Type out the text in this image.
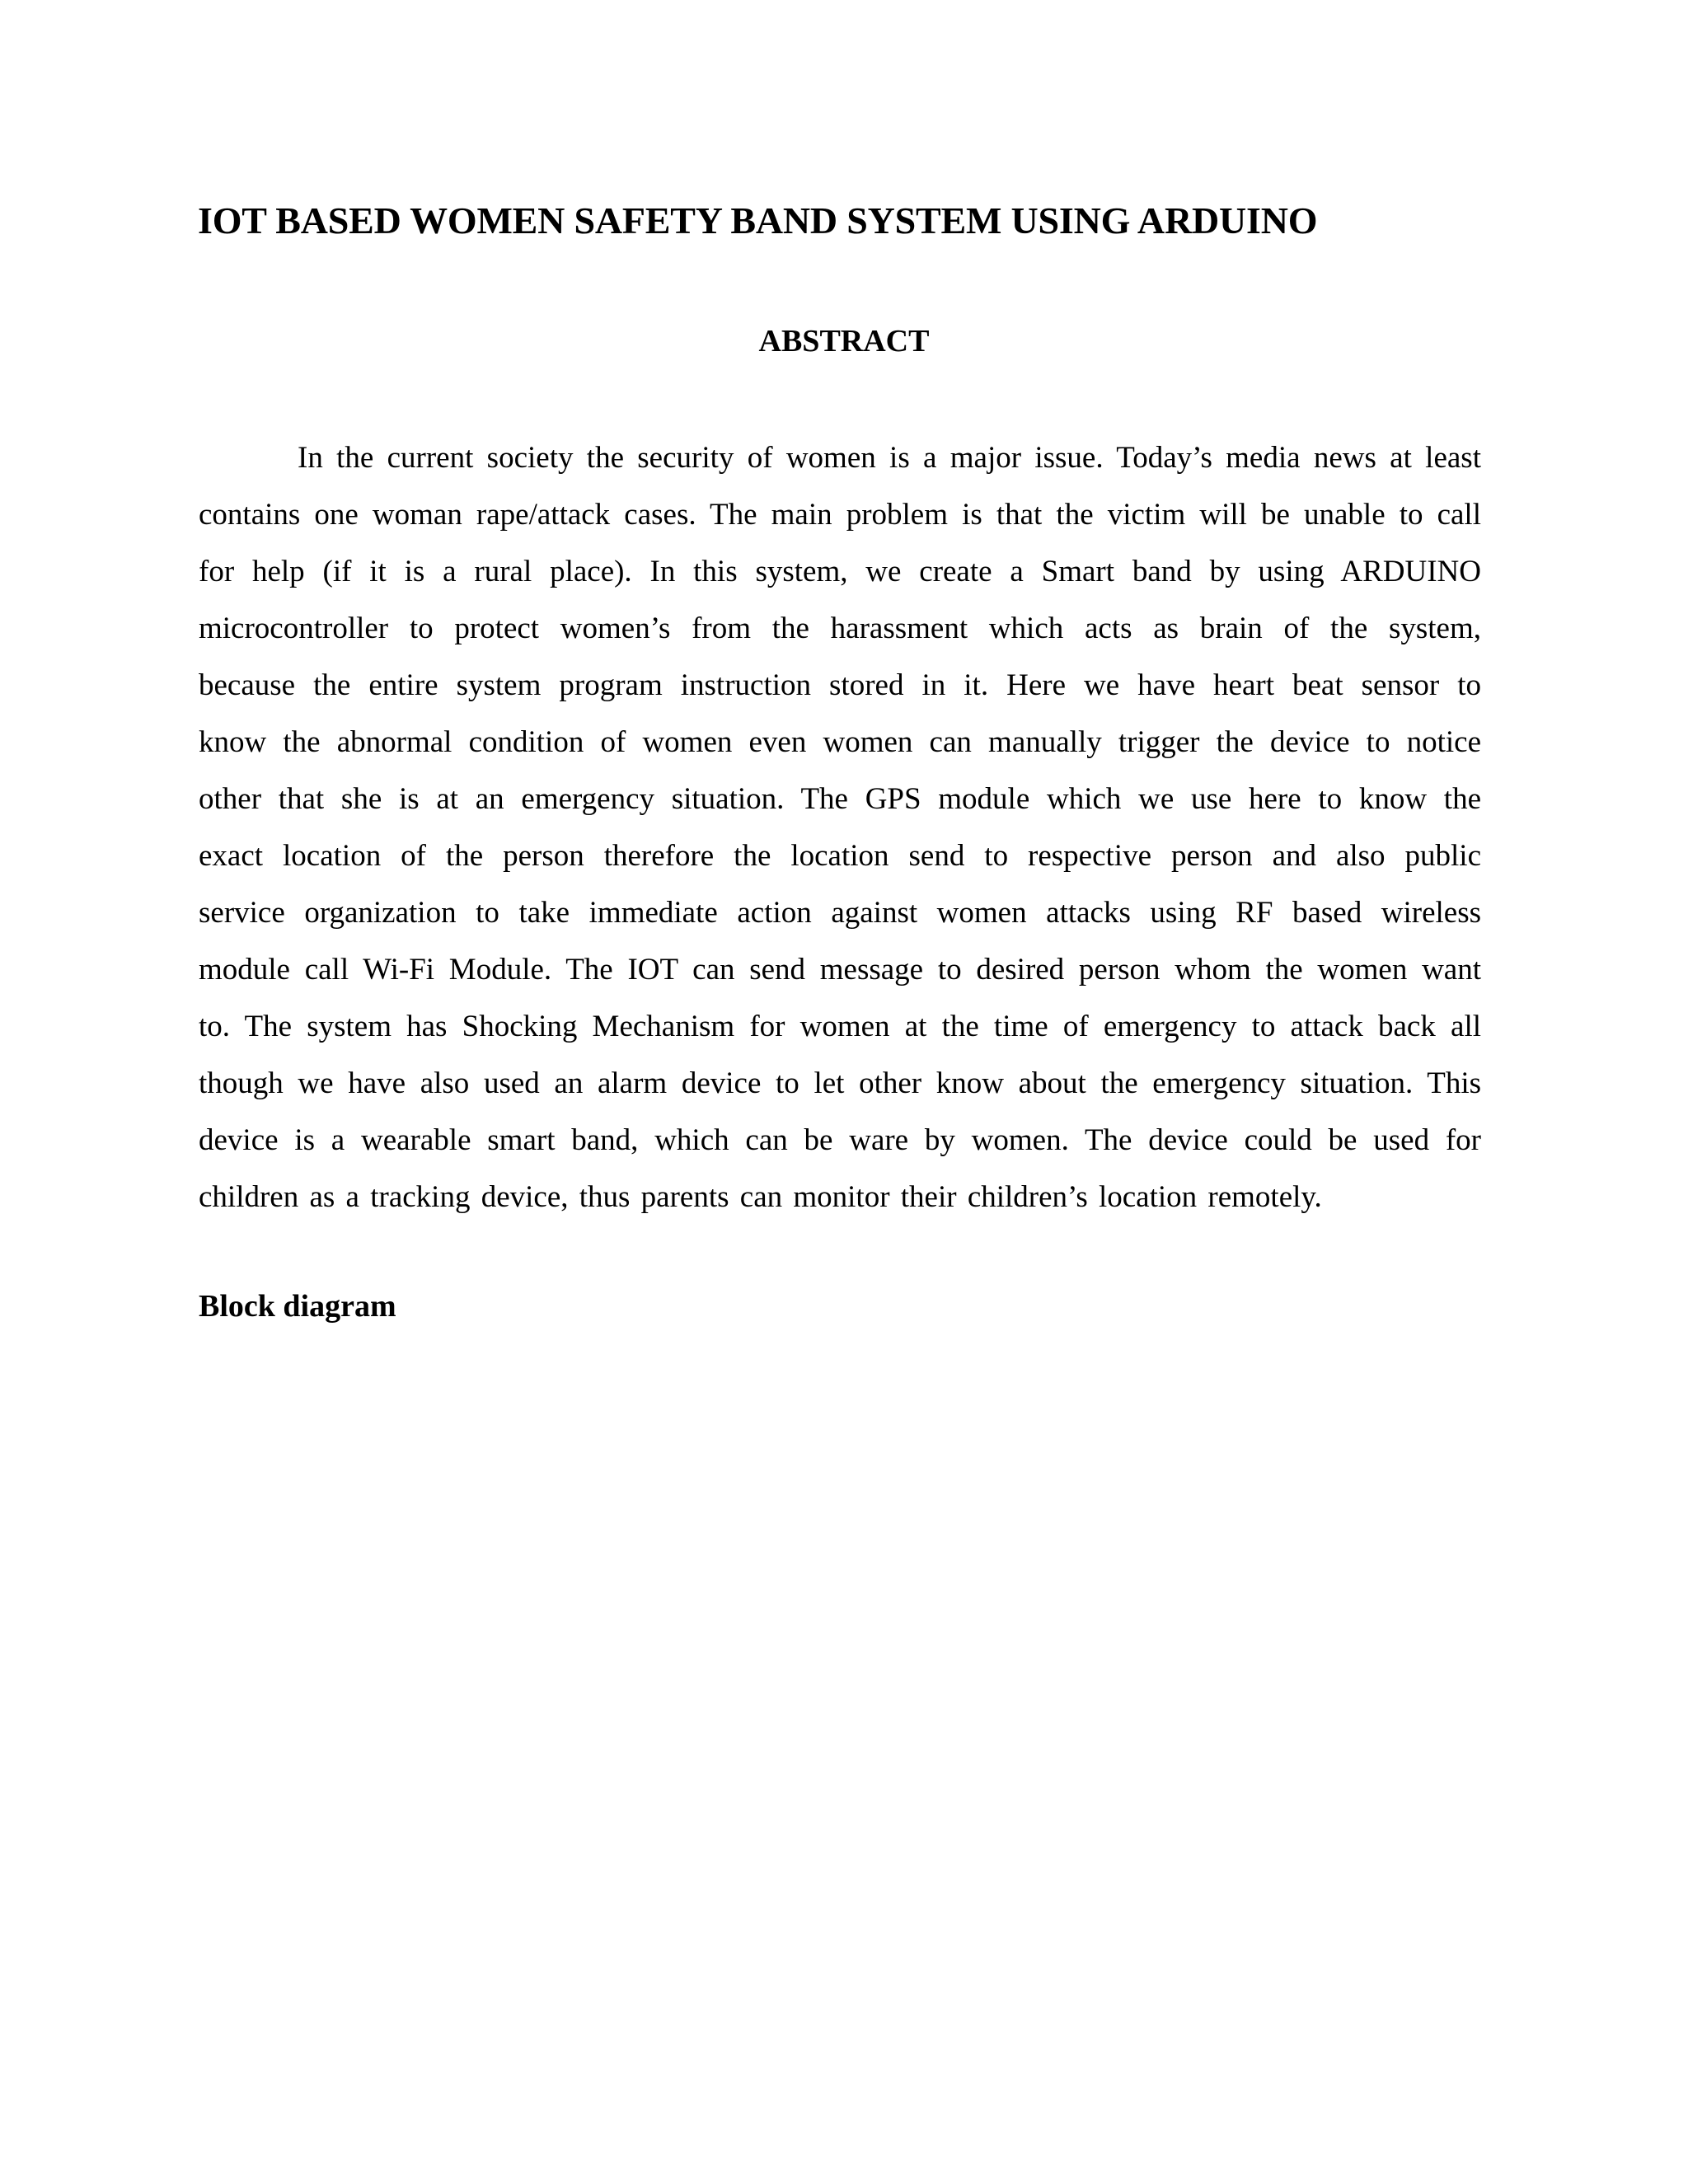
IOT BASED WOMEN SAFETY BAND SYSTEM USING ARDUINO
ABSTRACT
In the current society the security of women is a major issue. Today’s media news at least
contains one woman rape/attack cases. The main problem is that the victim will be unable to call
for help (if it is a rural place). In this system, we create a Smart band by using ARDUINO
microcontroller to protect women’s from the harassment which acts as brain of the system,
because the entire system program instruction stored in it. Here we have heart beat sensor to
know the abnormal condition of women even women can manually trigger the device to notice
other that she is at an emergency situation. The GPS module which we use here to know the
exact location of the person therefore the location send to respective person and also public
service organization to take immediate action against women attacks using RF based wireless
module call Wi-Fi Module. The IOT can send message to desired person whom the women want
to. The system has Shocking Mechanism for women at the time of emergency to attack back all
though we have also used an alarm device to let other know about the emergency situation. This
device is a wearable smart band, which can be ware by women. The device could be used for
children as a tracking device, thus parents can monitor their children’s location remotely.
Block diagram
